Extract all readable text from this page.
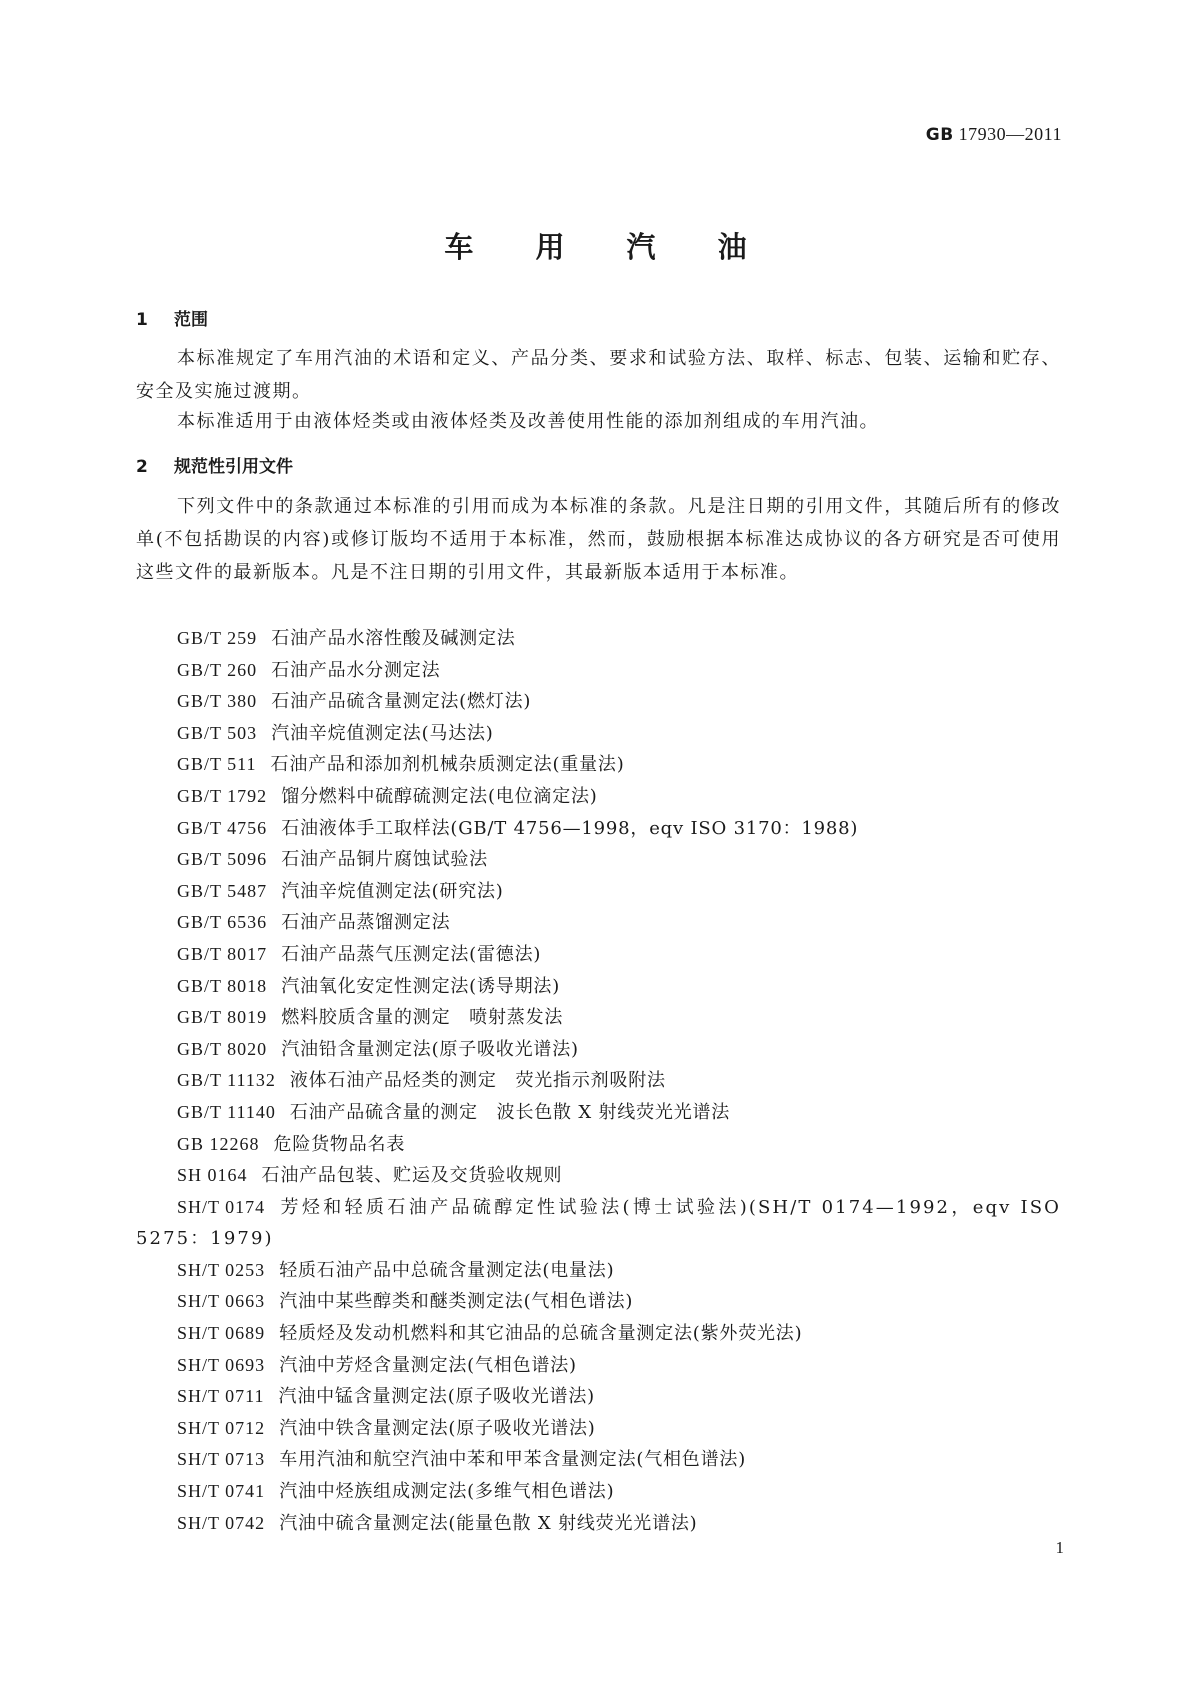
GB 17930—2011
车 用 汽 油
1 范围
本标准规定了车用汽油的术语和定义、产品分类、要求和试验方法、取样、标志、包装、运输和贮存、安全及实施过渡期。
本标准适用于由液体烃类或由液体烃类及改善使用性能的添加剂组成的车用汽油。
2 规范性引用文件
下列文件中的条款通过本标准的引用而成为本标准的条款。凡是注日期的引用文件，其随后所有的修改单(不包括勘误的内容)或修订版均不适用于本标准，然而，鼓励根据本标准达成协议的各方研究是否可使用这些文件的最新版本。凡是不注日期的引用文件，其最新版本适用于本标准。
GB/T 259 石油产品水溶性酸及碱测定法
GB/T 260 石油产品水分测定法
GB/T 380 石油产品硫含量测定法(燃灯法)
GB/T 503 汽油辛烷值测定法(马达法)
GB/T 511 石油产品和添加剂机械杂质测定法(重量法)
GB/T 1792 馏分燃料中硫醇硫测定法(电位滴定法)
GB/T 4756 石油液体手工取样法(GB/T 4756—1998，eqv ISO 3170：1988)
GB/T 5096 石油产品铜片腐蚀试验法
GB/T 5487 汽油辛烷值测定法(研究法)
GB/T 6536 石油产品蒸馏测定法
GB/T 8017 石油产品蒸气压测定法(雷德法)
GB/T 8018 汽油氧化安定性测定法(诱导期法)
GB/T 8019 燃料胶质含量的测定　喷射蒸发法
GB/T 8020 汽油铅含量测定法(原子吸收光谱法)
GB/T 11132 液体石油产品烃类的测定　荧光指示剂吸附法
GB/T 11140 石油产品硫含量的测定　波长色散 X 射线荧光光谱法
GB 12268 危险货物品名表
SH 0164 石油产品包装、贮运及交货验收规则
SH/T 0174 芳烃和轻质石油产品硫醇定性试验法(博士试验法)(SH/T 0174—1992，eqv ISO 5275：1979)
SH/T 0253 轻质石油产品中总硫含量测定法(电量法)
SH/T 0663 汽油中某些醇类和醚类测定法(气相色谱法)
SH/T 0689 轻质烃及发动机燃料和其它油品的总硫含量测定法(紫外荧光法)
SH/T 0693 汽油中芳烃含量测定法(气相色谱法)
SH/T 0711 汽油中锰含量测定法(原子吸收光谱法)
SH/T 0712 汽油中铁含量测定法(原子吸收光谱法)
SH/T 0713 车用汽油和航空汽油中苯和甲苯含量测定法(气相色谱法)
SH/T 0741 汽油中烃族组成测定法(多维气相色谱法)
SH/T 0742 汽油中硫含量测定法(能量色散 X 射线荧光光谱法)
1
